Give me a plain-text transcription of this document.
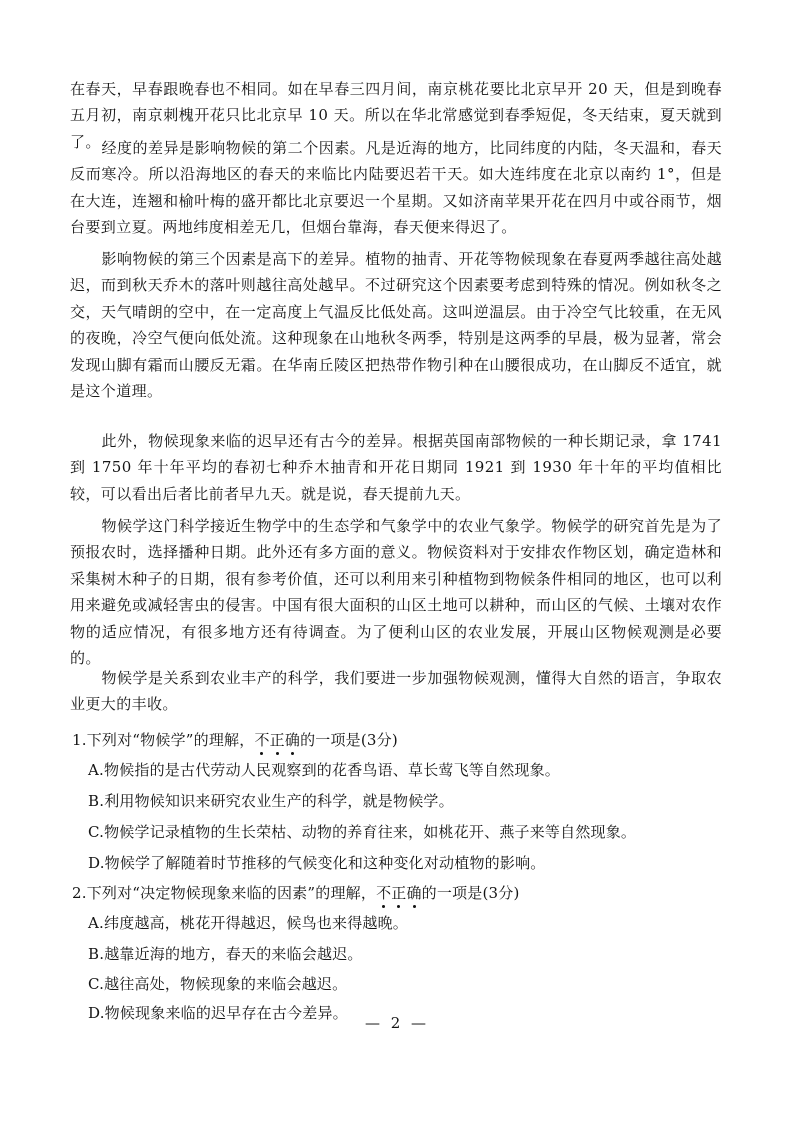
在春天，早春跟晚春也不相同。如在早春三四月间，南京桃花要比北京早开 20 天，但是到晚春五月初，南京刺槐开花只比北京早 10 天。所以在华北常感觉到春季短促，冬天结束，夏天就到了。 经度的差异是影响物候的第二个因素。凡是近海的地方，比同纬度的内陆，冬天温和，春天反而寒冷。所以沿海地区的春天的来临比内陆要迟若干天。如大连纬度在北京以南约 1°，但是在大连，连翘和榆叶梅的盛开都比北京要迟一个星期。又如济南苹果开花在四月中或谷雨节，烟台要到立夏。两地纬度相差无几，但烟台靠海，春天便来得迟了。

影响物候的第三个因素是高下的差异。植物的抽青、开花等物候现象在春夏两季越往高处越迟，而到秋天乔木的落叶则越往高处越早。不过研究这个因素要考虑到特殊的情况。例如秋冬之交，天气晴朗的空中，在一定高度上气温反比低处高。这叫逆温层。由于冷空气比较重，在无风的夜晚，冷空气便向低处流。这种现象在山地秋冬两季，特别是这两季的早晨，极为显著，常会发现山脚有霜而山腰反无霜。在华南丘陵区把热带作物引种在山腰很成功，在山脚反不适宜，就是这个道理。

此外，物候现象来临的迟早还有古今的差异。根据英国南部物候的一种长期记录，拿 1741 到 1750 年十年平均的春初七种乔木抽青和开花日期同 1921 到 1930 年十年的平均值相比较，可以看出后者比前者早九天。就是说，春天提前九天。

物候学这门科学接近生物学中的生态学和气象学中的农业气象学。物候学的研究首先是为了预报农时，选择播种日期。此外还有多方面的意义。物候资料对于安排农作物区划，确定造林和采集树木种子的日期，很有参考价值，还可以利用来引种植物到物候条件相同的地区，也可以利用来避免或减轻害虫的侵害。中国有很大面积的山区土地可以耕种，而山区的气候、土壤对农作物的适应情况，有很多地方还有待调查。为了便利山区的农业发展，开展山区物候观测是必要的。

物候学是关系到农业丰产的科学，我们要进一步加强物候观测，懂得大自然的语言，争取农业更大的丰收。

1.下列对“物候学”的理解，不正确
的一项是(3分)

A.物候指的是古代劳动人民观察到的花香鸟语、草长莺飞等自然现象。

B.利用物候知识来研究农业生产的科学，就是物候学。

C.物候学记录植物的生长荣枯、动物的养育往来，如桃花开、燕子来等自然现象。

D.物候学了解随着时节推移的气候变化和这种变化对动植物的影响。

2.下列对“决定物候现象来临的因素”的理解，不正确
的一项是(3分)

A.纬度越高，桃花开得越迟，候鸟也来得越晚。

B.越靠近海的地方，春天的来临会越迟。

C.越往高处，物候现象的来临会越迟。

D.物候现象来临的迟早存在古今差异。

— 2 —
